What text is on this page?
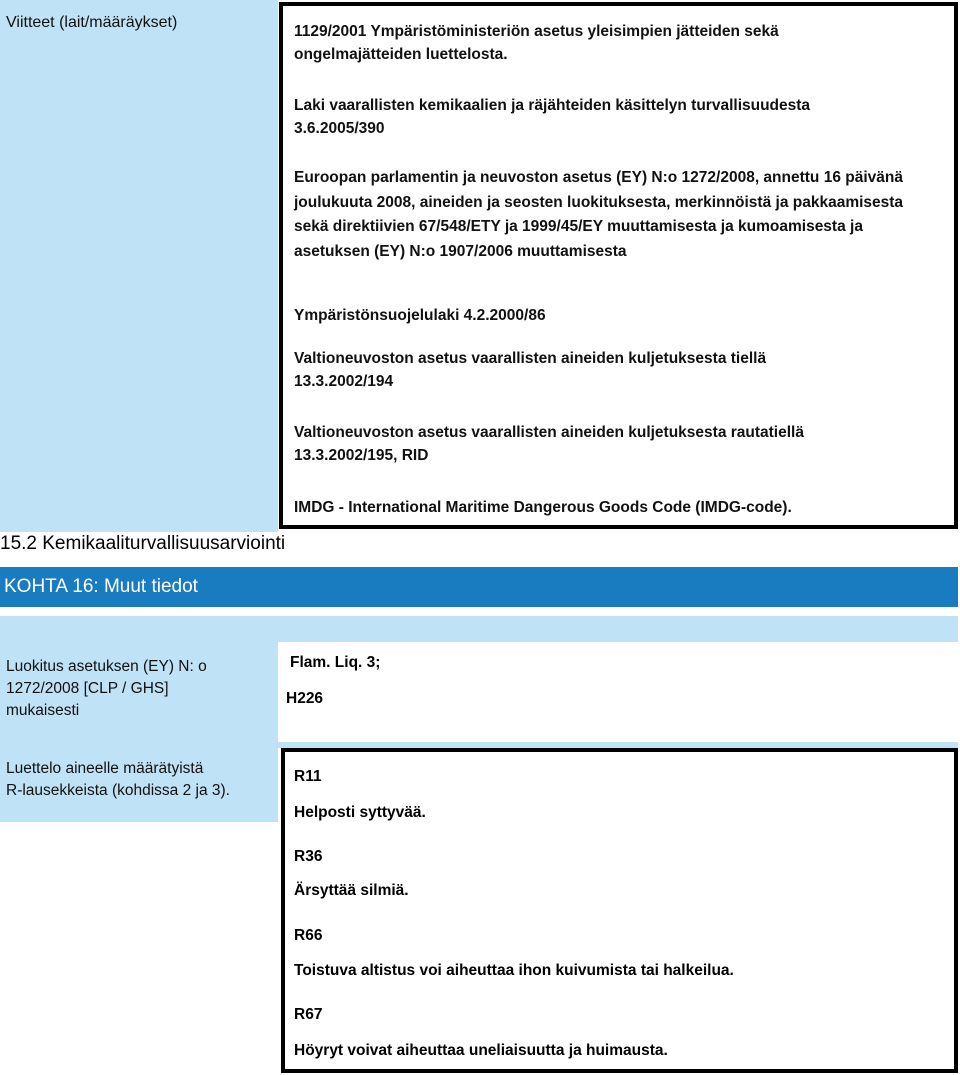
Viitteet (lait/määräykset)
1129/2001 Ympäristöministeriön asetus yleisimpien jätteiden sekä
ongelmajätteiden luettelosta.
Laki vaarallisten kemikaalien ja räjähteiden käsittelyn turvallisuudesta
3.6.2005/390
Euroopan parlamentin ja neuvoston asetus (EY) N:o 1272/2008, annettu 16 päivänä
joulukuuta 2008, aineiden ja seosten luokituksesta, merkinnöistä ja pakkaamisesta
sekä direktiivien 67/548/ETY ja 1999/45/EY muuttamisesta ja kumoamisesta ja
asetuksen (EY) N:o 1907/2006 muuttamisesta
Ympäristönsuojelulaki 4.2.2000/86
Valtioneuvoston asetus vaarallisten aineiden kuljetuksesta tiellä
13.3.2002/194
Valtioneuvoston asetus vaarallisten aineiden kuljetuksesta rautatiellä
13.3.2002/195, RID
IMDG - International Maritime Dangerous Goods Code (IMDG-code).
15.2 Kemikaaliturvallisuusarviointi
KOHTA 16: Muut tiedot
Luokitus asetuksen (EY) N: o
1272/2008 [CLP / GHS]
mukaisesti
Flam. Liq. 3;
H226
Luettelo aineelle määrätyistä
R-lausekkeista (kohdissa 2 ja 3).
R11
Helposti syttyvää.
R36
Ärsyttää silmiä.
R66
Toistuva altistus voi aiheuttaa ihon kuivumista tai halkeilua.
R67
Höyryt voivat aiheuttaa uneliaisuutta ja huimausta.
